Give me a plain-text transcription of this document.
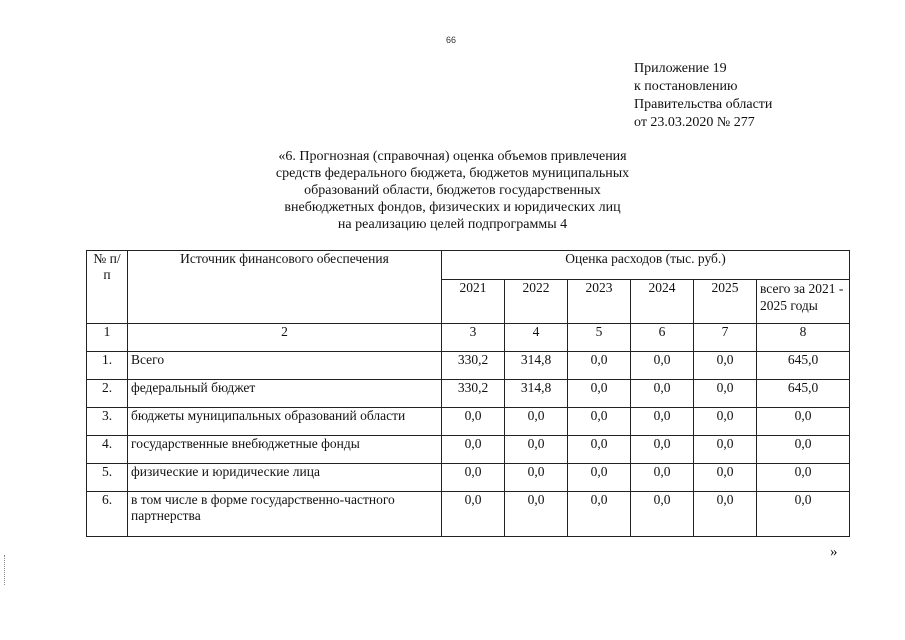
66
Приложение 19
к постановлению
Правительства области
от 23.03.2020 № 277
«6. Прогнозная (справочная) оценка объемов привлечения
средств федерального бюджета, бюджетов муниципальных
образований области, бюджетов государственных
внебюджетных фондов, физических и юридических лиц
на реализацию целей подпрограммы 4
№ п/п	Источник финансового обеспечения	Оценка расходов (тыс. руб.)					
		2021	2022	2023	2024	2025	всего за 2021 - 2025 годы
1	2	3	4	5	6	7	8
1.	Всего	330,2	314,8	0,0	0,0	0,0	645,0
2.	федеральный бюджет	330,2	314,8	0,0	0,0	0,0	645,0
3.	бюджеты муниципальных образований области	0,0	0,0	0,0	0,0	0,0	0,0
4.	государственные внебюджетные фонды	0,0	0,0	0,0	0,0	0,0	0,0
5.	физические и юридические лица	0,0	0,0	0,0	0,0	0,0	0,0
6.	в том числе в форме государственно-частного партнерства	0,0	0,0	0,0	0,0	0,0	0,0
»
